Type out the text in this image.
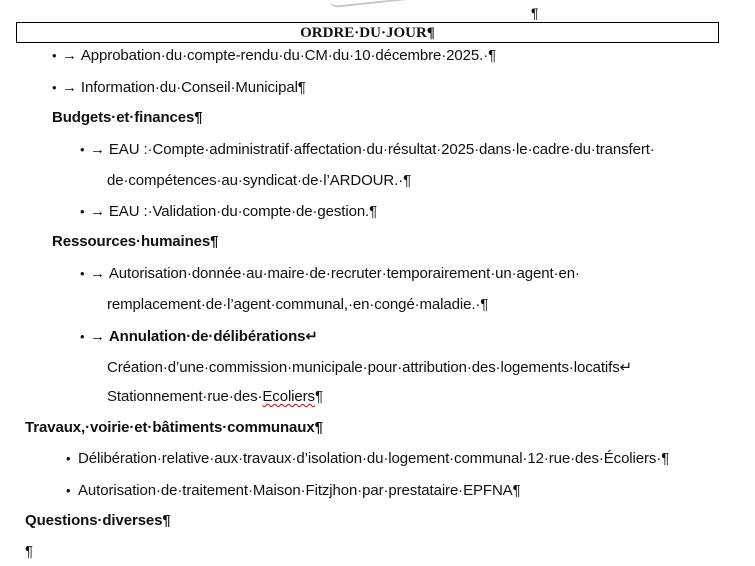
¶
ORDRE·DU·JOUR¶
• → Approbation·du·compte-rendu·du·CM·du·10·décembre·2025.·¶
• → Information·du·Conseil·Municipal¶
Budgets·et·finances¶
• → EAU :·Compte·administratif·affectation·du·résultat·2025·dans·le·cadre·du·transfert·
de·compétences·au·syndicat·de·l’ARDOUR.·¶
• → EAU :·Validation·du·compte·de·gestion.¶
Ressources·humaines¶
• → Autorisation·donnée·au·maire·de·recruter·temporairement·un·agent·en·
remplacement·de·l’agent·communal,·en·congé·maladie.·¶
• → Annulation·de·délibérations↵
Création·d’une·commission·municipale·pour·attribution·des·logements·locatifs↵
Stationnement·rue·des·Ecoliers¶
Travaux,·voirie·et·bâtiments·communaux¶
• Délibération·relative·aux·travaux·d’isolation·du·logement·communal·12·rue·des·Écoliers·¶
• Autorisation·de·traitement·Maison·Fitzjhon·par·prestataire·EPFNA¶
Questions·diverses¶
¶
